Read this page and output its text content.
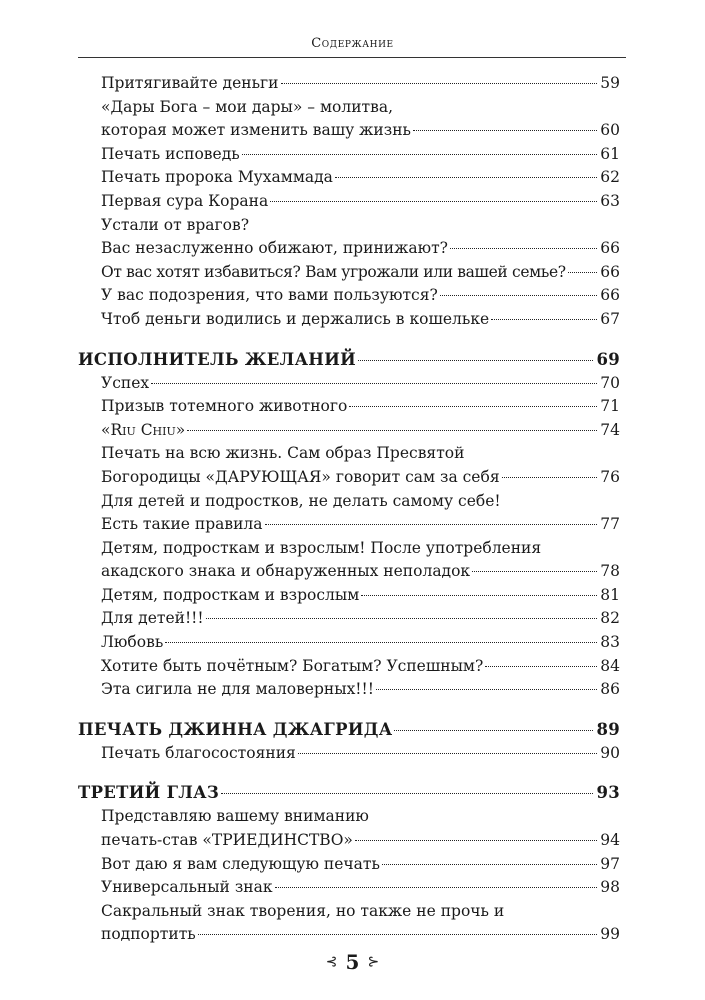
Содержание
Притягивайте деньги	59
«Дары Бога – мои дары» – молитва,
которая может изменить вашу жизнь	60
Печать исповедь	61
Печать пророка Мухаммада	62
Первая сура Корана	63
Устали от врагов?
Вас незаслуженно обижают, принижают?	66
От вас хотят избавиться? Вам угрожали или вашей семье? 66
У вас подозрения, что вами пользуются?	66
Чтоб деньги водились и держались в кошельке	67
ИСПОЛНИТЕЛЬ ЖЕЛАНИЙ	69
Успех	70
Призыв тотемного животного	71
«Riu Chiu»	74
Печать на всю жизнь. Сам образ Пресвятой
Богородицы «ДАРУЮЩАЯ» говорит сам за себя	76
Для детей и подростков, не делать самому себе!
Есть такие правила	77
Детям, подросткам и взрослым! После употребления
акадского знака и обнаруженных неполадок	78
Детям, подросткам и взрослым	81
Для детей!!!	82
Любовь	83
Хотите быть почётным? Богатым? Успешным?	84
Эта сигила не для маловерных!!!	86
ПЕЧАТЬ ДЖИННА ДЖАГРИДА	89
Печать благосостояния	90
ТРЕТИЙ ГЛАЗ	93
Представляю вашему вниманию
печать-став «ТРИЕДИНСТВО»	94
Вот даю я вам следующую печать	97
Универсальный знак	98
Сакральный знак творения, но также не прочь и
подпортить	99
⊰ 5 ⊱
